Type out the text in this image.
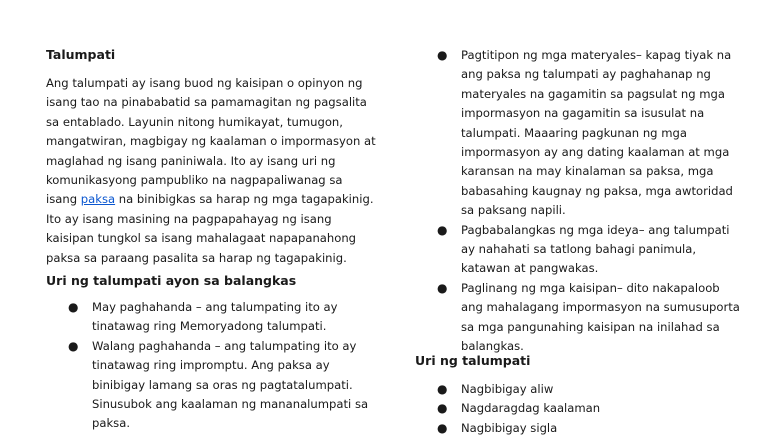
Talumpati

Ang talumpati ay isang buod ng kaisipan o opinyon ng isang tao na pinababatid sa pamamagitan ng pagsalita sa entablado. Layunin nitong humikayat, tumugon, mangatwiran, magbigay ng kaalaman o impormasyon at maglahad ng isang paniniwala. Ito ay isang uri ng komunikasyong pampubliko na nagpapaliwanag sa isang paksa na binibigkas sa harap ng mga tagapakinig. Ito ay isang masining na pagpapahayag ng isang kaisipan tungkol sa isang mahalagaat napapanahong paksa sa paraang pasalita sa harap ng tagapakinig.

Uri ng talumpati ayon sa balangkas
● May paghahanda – ang talumpating ito ay tinatawag ring Memoryadong talumpati.
● Walang paghahanda – ang talumpating ito ay tinatawag ring impromptu. Ang paksa ay binibigay lamang sa oras ng pagtatalumpati. Sinusubok ang kaalaman ng mananalumpati sa paksa.
● Pagtitipon ng mga materyales– kapag tiyak na ang paksa ng talumpati ay paghahanap ng materyales na gagamitin sa pagsulat ng mga impormasyon na gagamitin sa isusulat na talumpati. Maaaring pagkunan ng mga impormasyon ay ang dating kaalaman at mga karansan na may kinalaman sa paksa, mga babasahing kaugnay ng paksa, mga awtoridad sa paksang napili.
● Pagbabalangkas ng mga ideya– ang talumpati ay nahahati sa tatlong bahagi panimula, katawan at pangwakas.
● Paglinang ng mga kaisipan– dito nakapaloob ang mahalagang impormasyon na sumusuporta sa mga pangunahing kaisipan na inilahad sa balangkas.
Uri ng talumpati
● Nagbibigay aliw
● Nagdaragdag kaalaman
● Nagbibigay sigla
